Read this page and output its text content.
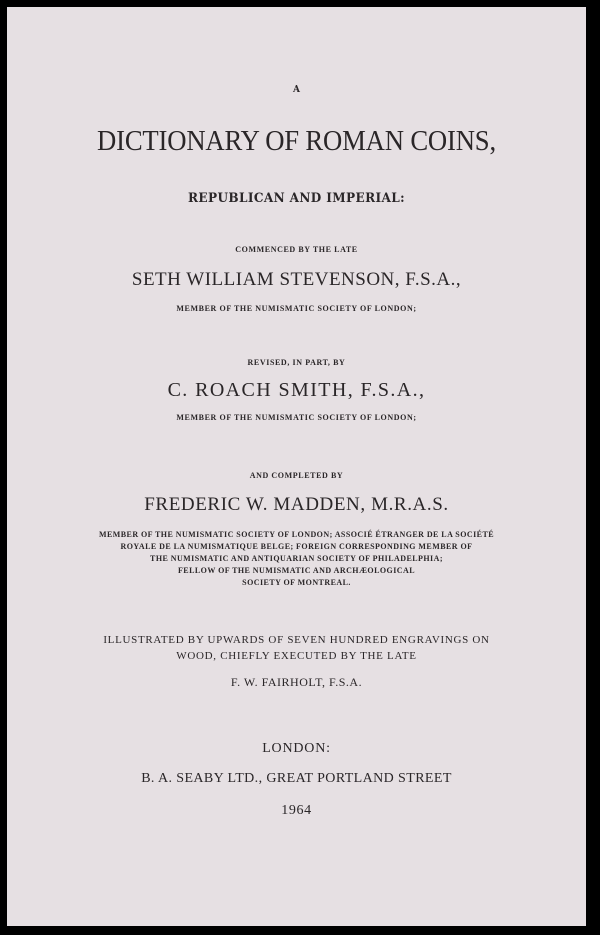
A

DICTIONARY OF ROMAN COINS,

REPUBLICAN AND IMPERIAL:

COMMENCED BY THE LATE

SETH WILLIAM STEVENSON, F.S.A.,

MEMBER OF THE NUMISMATIC SOCIETY OF LONDON;

REVISED, IN PART, BY

C. ROACH SMITH, F.S.A.,

MEMBER OF THE NUMISMATIC SOCIETY OF LONDON;

AND COMPLETED BY

FREDERIC W. MADDEN, M.R.A.S.

MEMBER OF THE NUMISMATIC SOCIETY OF LONDON; ASSOCIÉ ÉTRANGER DE LA SOCIÉTÉ
ROYALE DE LA NUMISMATIQUE BELGE; FOREIGN CORRESPONDING MEMBER OF
THE NUMISMATIC AND ANTIQUARIAN SOCIETY OF PHILADELPHIA;
FELLOW OF THE NUMISMATIC AND ARCHÆOLOGICAL
SOCIETY OF MONTREAL.

ILLUSTRATED BY UPWARDS OF SEVEN HUNDRED ENGRAVINGS ON
WOOD, CHIEFLY EXECUTED BY THE LATE

F. W. FAIRHOLT, F.S.A.

LONDON:

B. A. SEABY LTD., GREAT PORTLAND STREET

1964
